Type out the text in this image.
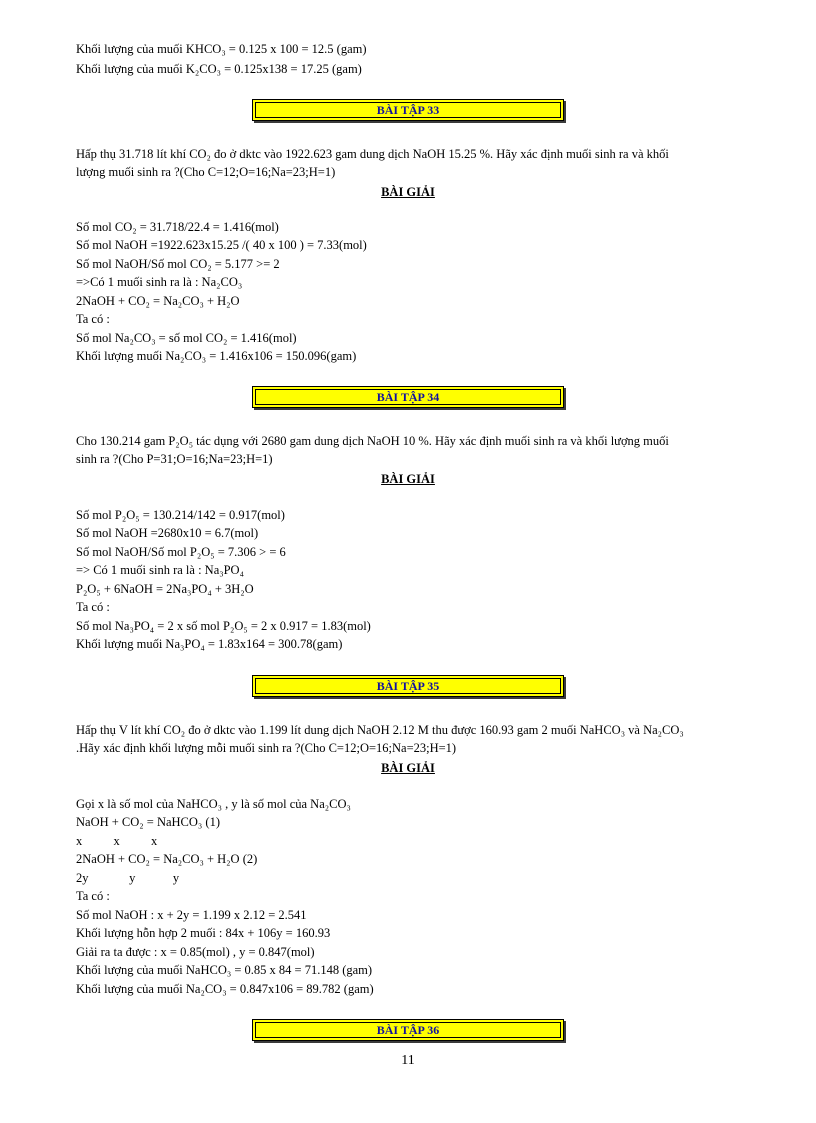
Khối lượng của muối KHCO₃ = 0.125 x 100 = 12.5 (gam)

Khối lượng của muối K₂CO₃ = 0.125x138 = 17.25 (gam)

BÀI TẬP 33

Hấp thụ 31.718 lít khí CO₂ đo ở dktc vào 1922.623 gam dung dịch NaOH 15.25 %. Hãy xác định muối sinh ra và khối

lượng muối sinh ra ?(Cho C=12;O=16;Na=23;H=1)

BÀI GIẢI

Số mol CO₂ = 31.718/22.4 = 1.416(mol)

Số mol NaOH =1922.623x15.25 /( 40 x 100 ) = 7.33(mol)

Số mol NaOH/Số mol CO₂ = 5.177 >= 2

=>Có 1 muối sinh ra là : Na₂CO₃

2NaOH + CO₂ = Na₂CO₃ + H₂O

Ta có :

Số mol Na₂CO₃ = số mol CO₂ = 1.416(mol)

Khối lượng muối Na₂CO₃ = 1.416x106 = 150.096(gam)

BÀI TẬP 34

Cho 130.214 gam P₂O₅ tác dụng với 2680 gam dung dịch NaOH 10 %. Hãy xác định muối sinh ra và khối lượng muối

sinh ra ?(Cho P=31;O=16;Na=23;H=1)

BÀI GIẢI

Số mol P₂O₅ = 130.214/142 = 0.917(mol)

Số mol NaOH =2680x10 = 6.7(mol)

Số mol NaOH/Số mol P₂O₅ = 7.306 > = 6

=> Có 1 muối sinh ra là : Na₃PO₄

P₂O₅ + 6NaOH = 2Na₃PO₄ + 3H₂O

Ta có :

Số mol Na₃PO₄ = 2 x số mol P₂O₅ = 2 x 0.917 = 1.83(mol)

Khối lượng muối Na₃PO₄ = 1.83x164 = 300.78(gam)

BÀI TẬP 35

Hấp thụ V lít khí CO₂ đo ở dktc vào 1.199 lít dung dịch NaOH 2.12 M thu được 160.93 gam 2 muối NaHCO₃ và Na₂CO₃

.Hãy xác định khối lượng mỗi muối sinh ra ?(Cho C=12;O=16;Na=23;H=1)

BÀI GIẢI

Gọi x là số mol của NaHCO₃ , y là số mol của Na₂CO₃

NaOH + CO₂ = NaHCO₃ (1)

x          x          x

2NaOH + CO₂ = Na₂CO₃ + H₂O (2)

2y             y            y

Ta có :

Số mol NaOH : x + 2y = 1.199 x 2.12 = 2.541

Khối lượng hỗn hợp 2 muối : 84x + 106y = 160.93

Giải ra ta được : x = 0.85(mol) , y = 0.847(mol)

Khối lượng của muối NaHCO₃ = 0.85 x 84 = 71.148 (gam)

Khối lượng của muối Na₂CO₃ = 0.847x106 = 89.782 (gam)

BÀI TẬP 36
11
